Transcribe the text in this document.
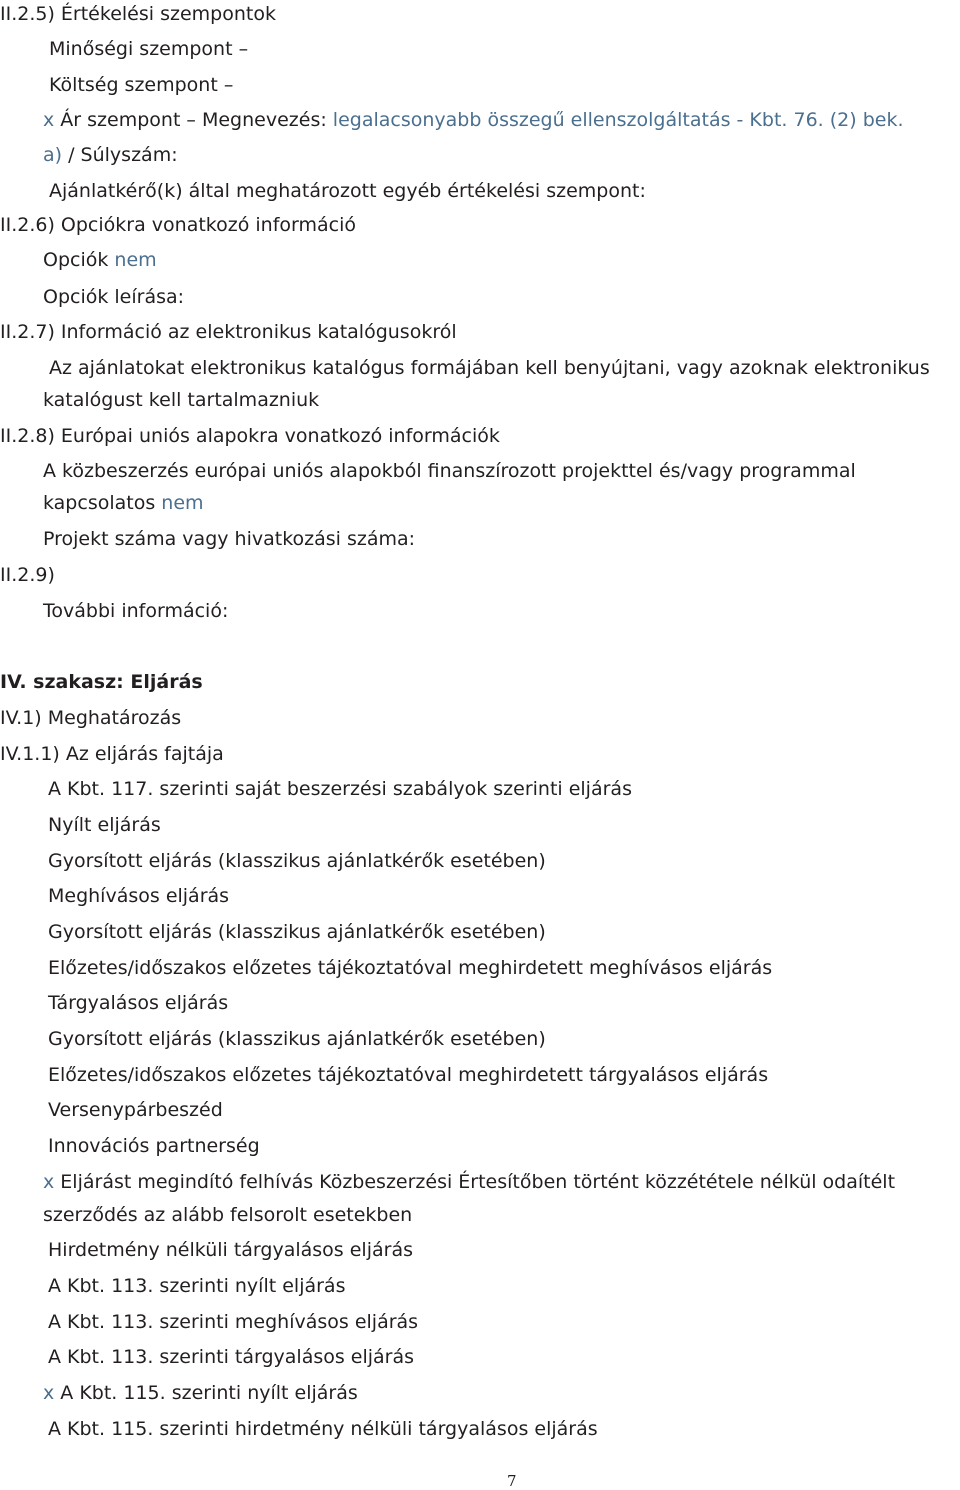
II.2.5) Értékelési szempontok
Minőségi szempont –
Költség szempont –
x Ár szempont – Megnevezés: legalacsonyabb összegű ellenszolgáltatás - Kbt. 76. (2) bek.
a) / Súlyszám:
Ajánlatkérő(k) által meghatározott egyéb értékelési szempont:
II.2.6) Opciókra vonatkozó információ
Opciók nem
Opciók leírása:
II.2.7) Információ az elektronikus katalógusokról
Az ajánlatokat elektronikus katalógus formájában kell benyújtani, vagy azoknak elektronikus
katalógust kell tartalmazniuk
II.2.8) Európai uniós alapokra vonatkozó információk
A közbeszerzés európai uniós alapokból finanszírozott projekttel és/vagy programmal
kapcsolatos nem
Projekt száma vagy hivatkozási száma:
II.2.9)
További információ:
IV. szakasz: Eljárás
IV.1) Meghatározás
IV.1.1) Az eljárás fajtája
A Kbt. 117. szerinti saját beszerzési szabályok szerinti eljárás
Nyílt eljárás
Gyorsított eljárás (klasszikus ajánlatkérők esetében)
Meghívásos eljárás
Gyorsított eljárás (klasszikus ajánlatkérők esetében)
Előzetes/időszakos előzetes tájékoztatóval meghirdetett meghívásos eljárás
Tárgyalásos eljárás
Gyorsított eljárás (klasszikus ajánlatkérők esetében)
Előzetes/időszakos előzetes tájékoztatóval meghirdetett tárgyalásos eljárás
Versenypárbeszéd
Innovációs partnerség
x Eljárást megindító felhívás Közbeszerzési Értesítőben történt közzététele nélkül odaítélt
szerződés az alább felsorolt esetekben
Hirdetmény nélküli tárgyalásos eljárás
A Kbt. 113. szerinti nyílt eljárás
A Kbt. 113. szerinti meghívásos eljárás
A Kbt. 113. szerinti tárgyalásos eljárás
x A Kbt. 115. szerinti nyílt eljárás
A Kbt. 115. szerinti hirdetmény nélküli tárgyalásos eljárás
7
